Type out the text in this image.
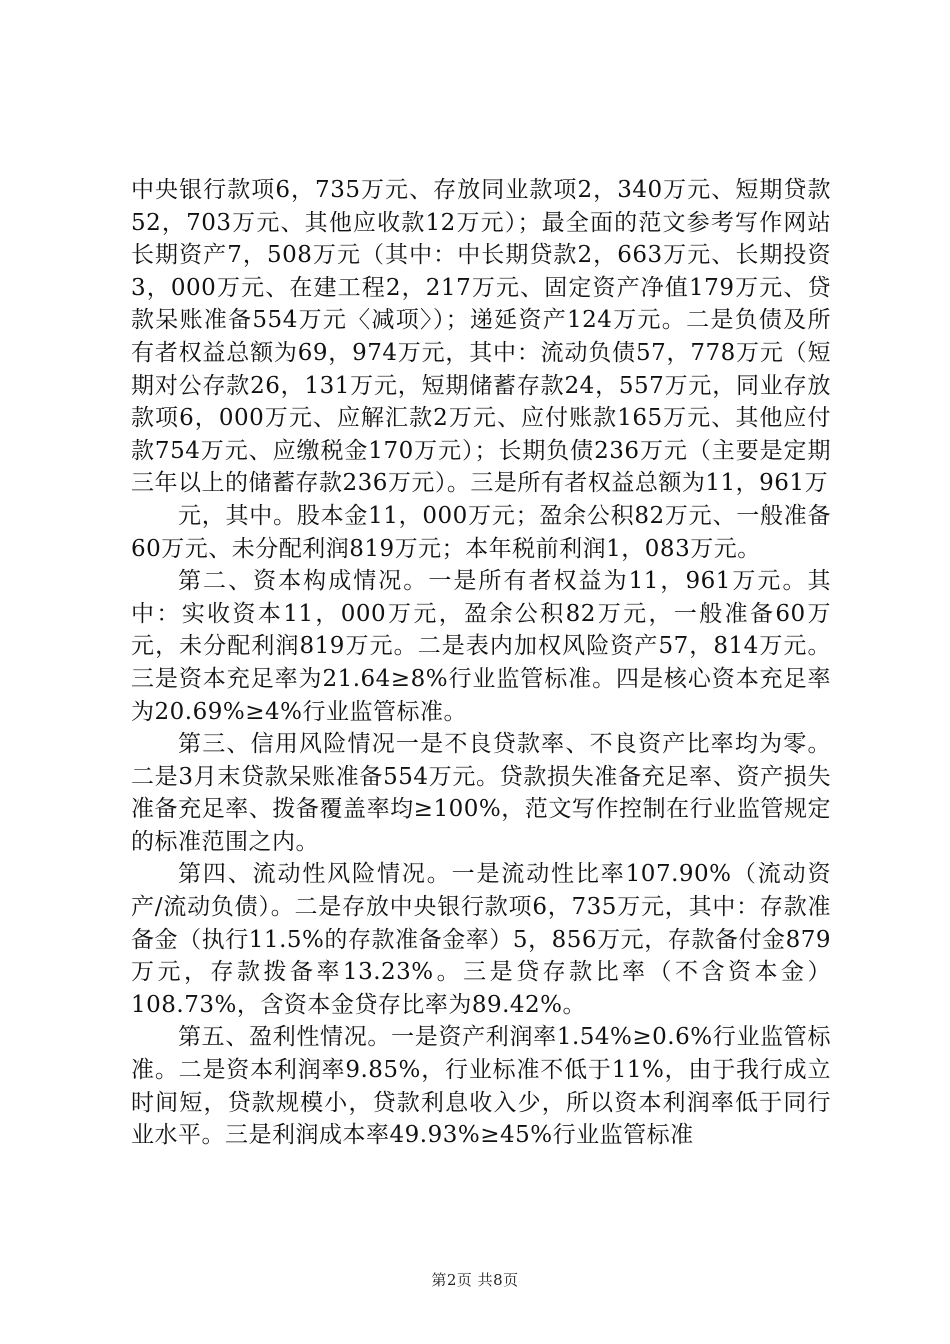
中央银行款项6，735万元、存放同业款项2，340万元、短期贷款52，703万元、其他应收款12万元）；最全面的范文参考写作网站长期资产7，508万元（其中：中长期贷款2，663万元、长期投资3，000万元、在建工程2，217万元、固定资产净值179万元、贷款呆账准备554万元〈减项〉）；递延资产124万元。二是负债及所有者权益总额为69，974万元，其中：流动负债57，778万元（短期对公存款26，131万元，短期储蓄存款24，557万元，同业存放款项6，000万元、应解汇款2万元、应付账款165万元、其他应付款754万元、应缴税金170万元）；长期负债236万元（主要是定期三年以上的储蓄存款236万元）。三是所有者权益总额为11，961万

元，其中。股本金11，000万元；盈余公积82万元、一般准备60万元、未分配利润819万元；本年税前利润1，083万元。

第二、资本构成情况。一是所有者权益为11，961万元。其中：实收资本11，000万元，盈余公积82万元，一般准备60万元，未分配利润819万元。二是表内加权风险资产57，814万元。三是资本充足率为21.64≥8%行业监管标准。四是核心资本充足率为20.69%≥4%行业监管标准。

第三、信用风险情况一是不良贷款率、不良资产比率均为零。二是3月末贷款呆账准备554万元。贷款损失准备充足率、资产损失准备充足率、拨备覆盖率均≥100%，范文写作控制在行业监管规定的标准范围之内。

第四、流动性风险情况。一是流动性比率107.90%（流动资产/流动负债）。二是存放中央银行款项6，735万元，其中：存款准备金（执行11.5%的存款准备金率）5，856万元，存款备付金879万元，存款拨备率13.23%。三是贷存款比率（不含资本金）108.73%，含资本金贷存比率为89.42%。

第五、盈利性情况。一是资产利润率1.54%≥0.6%行业监管标准。二是资本利润率9.85%，行业标准不低于11%，由于我行成立时间短，贷款规模小，贷款利息收入少，所以资本利润率低于同行业水平。三是利润成本率49.93%≥45%行业监管标准

第2页 共8页
